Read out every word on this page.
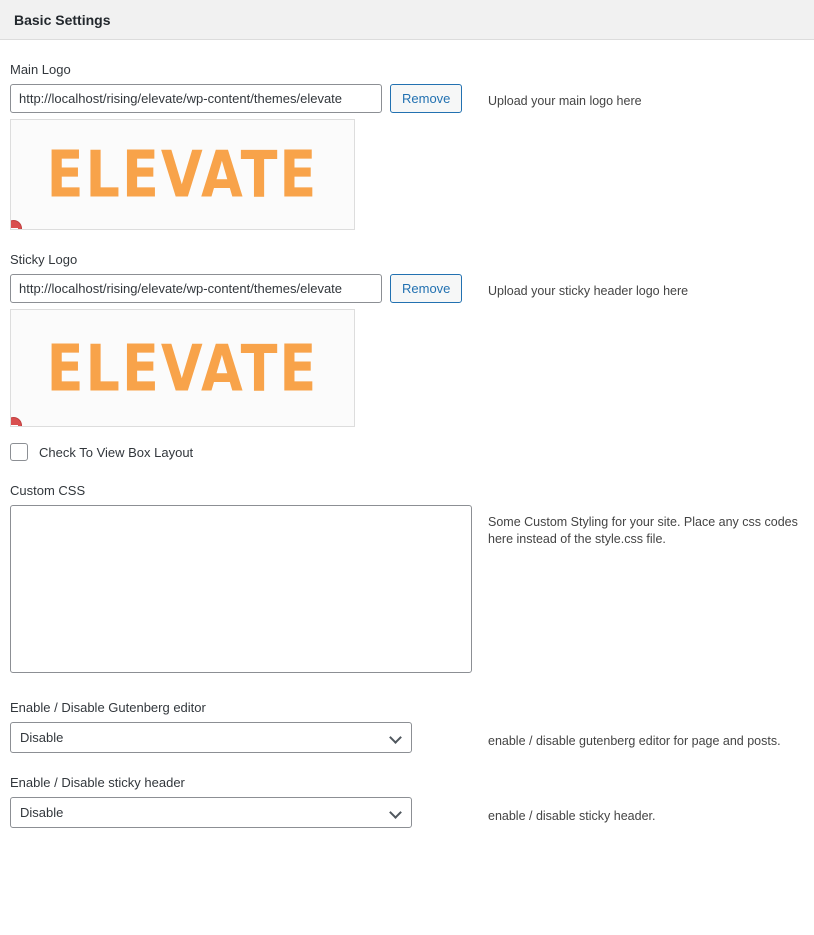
Basic Settings
Main Logo
http://localhost/rising/elevate/wp-content/themes/elevate
Remove
ELEVATE
Upload your main logo here
Sticky Logo
http://localhost/rising/elevate/wp-content/themes/elevate
Remove
ELEVATE
Upload your sticky header logo here
Check To View Box Layout
Custom CSS
Some Custom Styling for your site. Place any css codes here instead of the style.css file.
Enable / Disable Gutenberg editor
Disable
enable / disable gutenberg editor for page and posts.
Enable / Disable sticky header
Disable
enable / disable sticky header.
